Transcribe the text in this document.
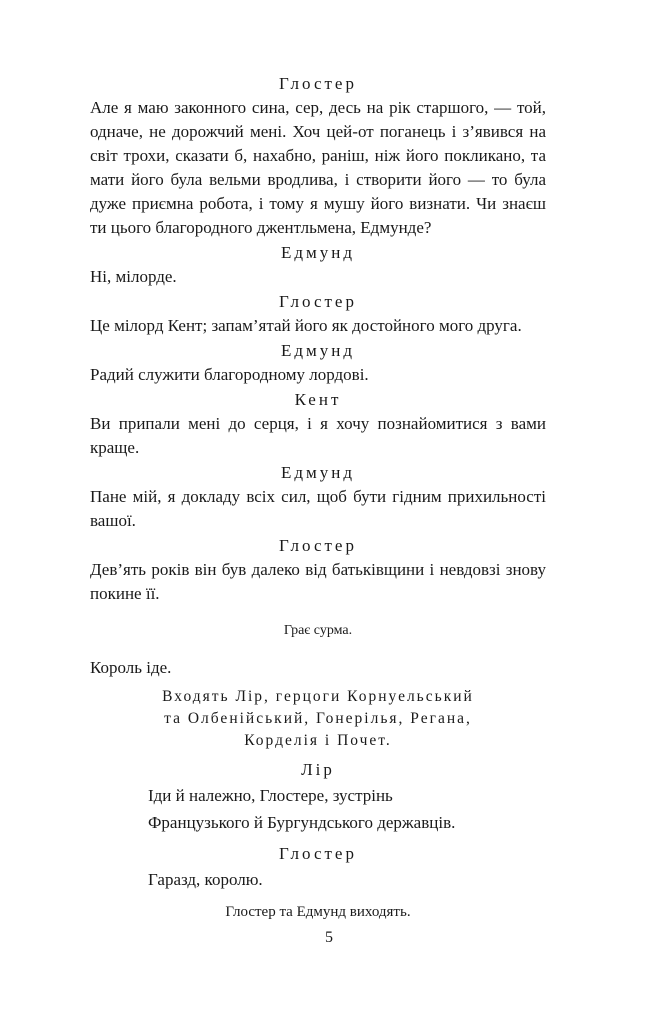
Глостер

Але я маю законного сина, сер, десь на рік старшого, — той, одначе, не дорожчий мені. Хоч цей-от поганець і з’явився на світ трохи, сказати б, нахабно, раніш, ніж його покликано, та мати його була вельми вродлива, і створити його — то була дуже приємна робота, і тому я мушу його визнати. Чи знаєш ти цього благородного джентльмена, Едмунде?

Едмунд

Ні, мілорде.

Глостер

Це мілорд Кент; запам’ятай його як достойного мого друга.

Едмунд

Радий служити благородному лордові.

Кент

Ви припали мені до серця, і я хочу познайомитися з вами краще.

Едмунд

Пане мій, я докладу всіх сил, щоб бути гідним прихильності вашої.

Глостер

Дев’ять років він був далеко від батьківщини і невдовзі знову покине її.

Грає сурма.

Король іде.

Входять Лір, герцоги Корнуельський
та Олбенійський, Гонерілья, Регана,
Корделія і Почет.

Лір

Іди й належно, Глостере, зустрінь

Французького й Бургундського державців.

Глостер

Гаразд, королю.

Глостер та Едмунд виходять.

5
